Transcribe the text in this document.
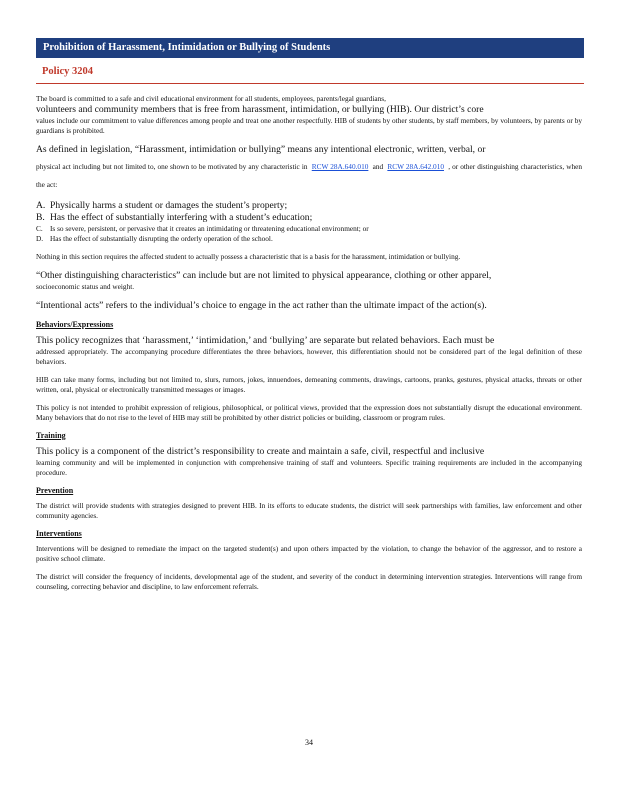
Prohibition of Harassment, Intimidation or Bullying of Students
Policy 3204

The board is committed to a safe and civil educational environment for all students, employees, parents/legal guardians,
volunteers and community members that is free from harassment, intimidation, or bullying (HIB). Our district’s core
values include our commitment to value differences among people and treat one another respectfully. HIB of students by other students, by staff members, by volunteers, by parents or by guardians is prohibited.

As defined in legislation, “Harassment, intimidation or bullying” means any intentional electronic, written, verbal, or
physical act including but not limited to, one shown to be motivated by any characteristic in RCW 28A.640.010 and RCW 28A.642.010 , or other distinguishing characteristics, when the act:

A. Physically harms a student or damages the student’s property;
B. Has the effect of substantially interfering with a student’s education;
C. Is so severe, persistent, or pervasive that it creates an intimidating or threatening educational environment; or
D. Has the effect of substantially disrupting the orderly operation of the school.

Nothing in this section requires the affected student to actually possess a characteristic that is a basis for the harassment, intimidation or bullying.

“Other distinguishing characteristics” can include but are not limited to physical appearance, clothing or other apparel,
socioeconomic status and weight.

“Intentional acts” refers to the individual’s choice to engage in the act rather than the ultimate impact of the action(s).

Behaviors/Expressions

This policy recognizes that ‘harassment,’ ‘intimidation,’ and ‘bullying’ are separate but related behaviors. Each must be
addressed appropriately. The accompanying procedure differentiates the three behaviors, however, this differentiation should not be considered part of the legal definition of these behaviors.

HIB can take many forms, including but not limited to, slurs, rumors, jokes, innuendoes, demeaning comments, drawings, cartoons, pranks, gestures, physical attacks, threats or other written, oral, physical or electronically transmitted messages or images.

This policy is not intended to prohibit expression of religious, philosophical, or political views, provided that the expression does not substantially disrupt the educational environment. Many behaviors that do not rise to the level of HIB may still be prohibited by other district policies or building, classroom or program rules.

Training

This policy is a component of the district’s responsibility to create and maintain a safe, civil, respectful and inclusive
learning community and will be implemented in conjunction with comprehensive training of staff and volunteers. Specific training requirements are included in the accompanying procedure.

Prevention

The district will provide students with strategies designed to prevent HIB. In its efforts to educate students, the district will seek partnerships with families, law enforcement and other community agencies.

Interventions

Interventions will be designed to remediate the impact on the targeted student(s) and upon others impacted by the violation, to change the behavior of the aggressor, and to restore a positive school climate.

The district will consider the frequency of incidents, developmental age of the student, and severity of the conduct in determining intervention strategies. Interventions will range from counseling, correcting behavior and discipline, to law enforcement referrals.

34
